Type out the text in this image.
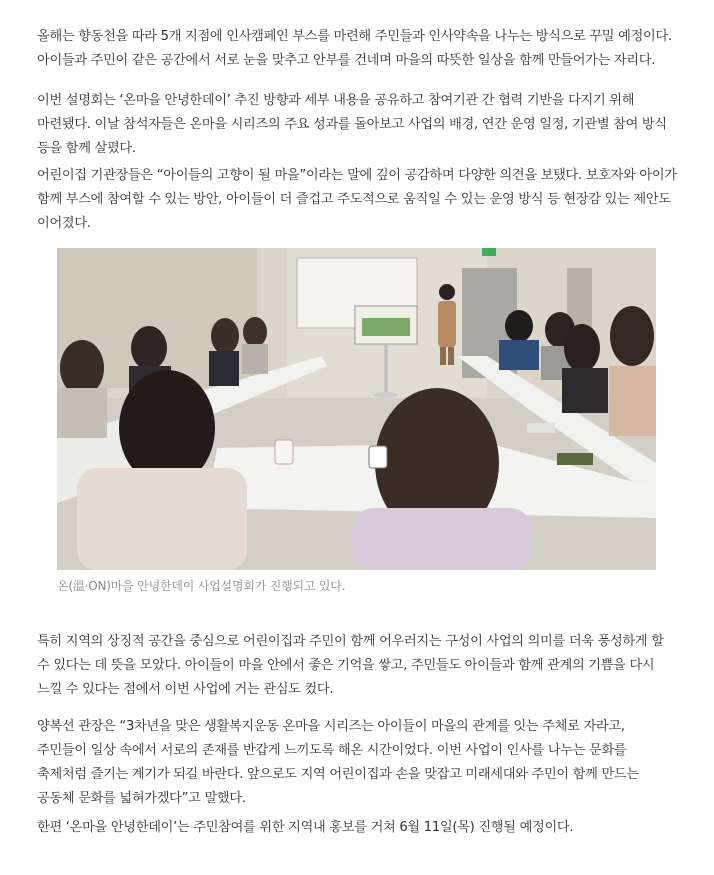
올해는 향동천을 따라 5개 지점에 인사캠페인 부스를 마련해 주민들과 인사약속을 나누는 방식으로 꾸밀 예정이다. 아이들과 주민이 같은 공간에서 서로 눈을 맞추고 안부를 건네며 마을의 따뜻한 일상을 함께 만들어가는 자리다.

이번 설명회는 ‘온마을 안녕한데이’ 추진 방향과 세부 내용을 공유하고 참여기관 간 협력 기반을 다지기 위해 마련됐다. 이날 참석자들은 온마을 시리즈의 주요 성과를 돌아보고 사업의 배경, 연간 운영 일정, 기관별 참여 방식 등을 함께 살폈다.

어린이집 기관장들은 “아이들의 고향이 될 마을”이라는 말에 깊이 공감하며 다양한 의견을 보탰다. 보호자와 아이가 함께 부스에 참여할 수 있는 방안, 아이들이 더 즐겁고 주도적으로 움직일 수 있는 운영 방식 등 현장감 있는 제안도 이어졌다.

온(溫·ON)마을 안녕한데이 사업설명회가 진행되고 있다.

특히 지역의 상징적 공간을 중심으로 어린이집과 주민이 함께 어우러지는 구성이 사업의 의미를 더욱 풍성하게 할 수 있다는 데 뜻을 모았다. 아이들이 마을 안에서 좋은 기억을 쌓고, 주민들도 아이들과 함께 관계의 기쁨을 다시 느낄 수 있다는 점에서 이번 사업에 거는 관심도 컸다.

양복선 관장은 “3차년을 맞은 생활복지운동 온마을 시리즈는 아이들이 마을의 관계를 잇는 주체로 자라고, 주민들이 일상 속에서 서로의 존재를 반갑게 느끼도록 해온 시간이었다. 이번 사업이 인사를 나누는 문화를 축제처럼 즐기는 계기가 되길 바란다. 앞으로도 지역 어린이집과 손을 맞잡고 미래세대와 주민이 함께 만드는 공동체 문화를 넓혀가겠다”고 말했다.

한편 ‘온마을 안녕한데이’는 주민참여를 위한 지역내 홍보를 거쳐 6월 11일(목) 진행될 예정이다.
